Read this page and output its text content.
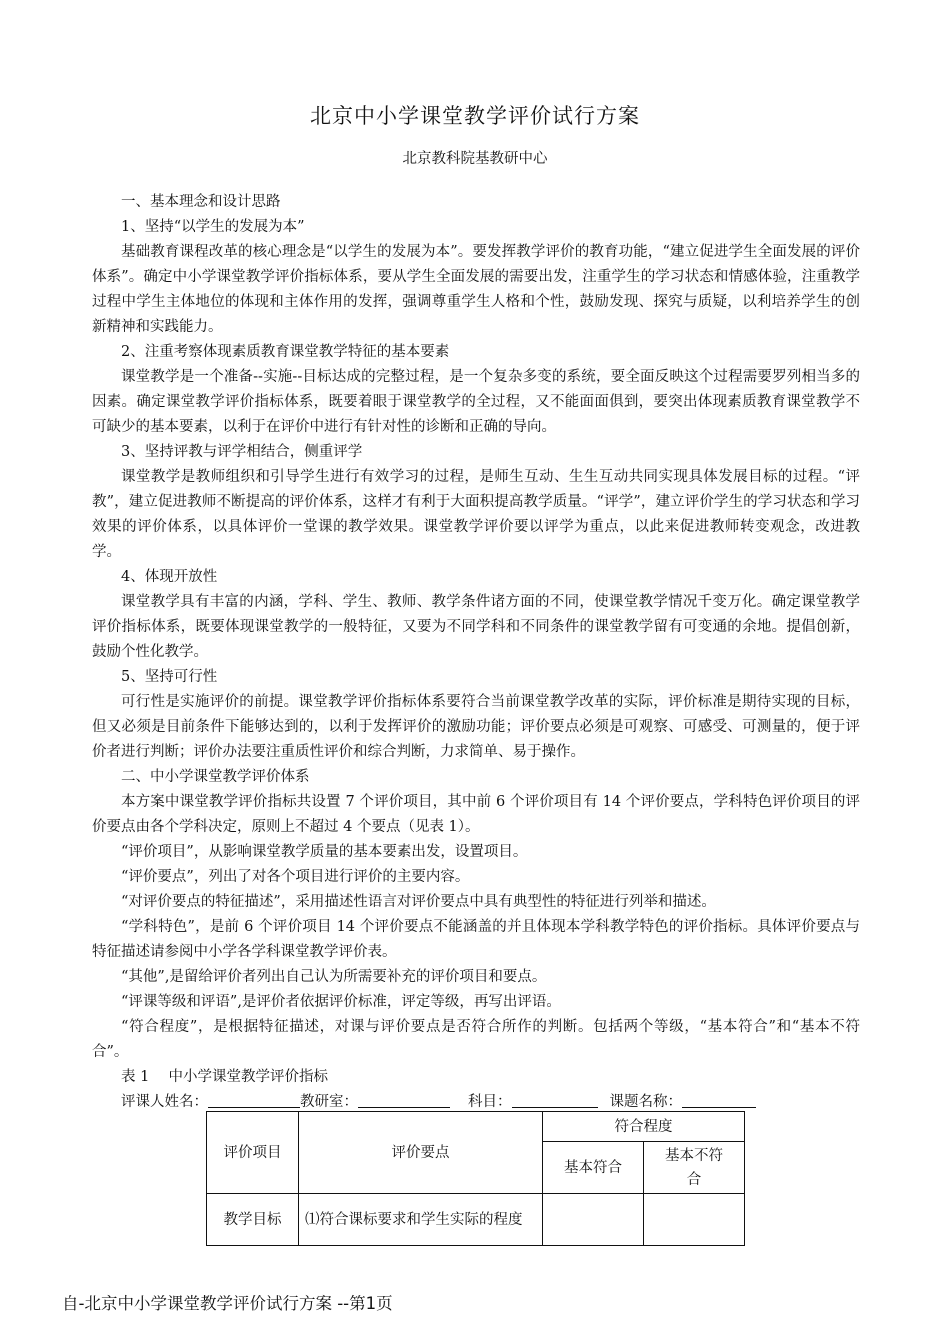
北京中小学课堂教学评价试行方案
北京教科院基教研中心

一、基本理念和设计思路

1、坚持“以学生的发展为本”

基础教育课程改革的核心理念是“以学生的发展为本”。要发挥教学评价的教育功能，“建立促进学生全面发展的评价体系”。确定中小学课堂教学评价指标体系，要从学生全面发展的需要出发，注重学生的学习状态和情感体验，注重教学过程中学生主体地位的体现和主体作用的发挥，强调尊重学生人格和个性，鼓励发现、探究与质疑，以利培养学生的创新精神和实践能力。

2、注重考察体现素质教育课堂教学特征的基本要素

课堂教学是一个准备--实施--目标达成的完整过程，是一个复杂多变的系统，要全面反映这个过程需要罗列相当多的因素。确定课堂教学评价指标体系，既要着眼于课堂教学的全过程，又不能面面俱到，要突出体现素质教育课堂教学不可缺少的基本要素，以利于在评价中进行有针对性的诊断和正确的导向。

3、坚持评教与评学相结合，侧重评学

课堂教学是教师组织和引导学生进行有效学习的过程，是师生互动、生生互动共同实现具体发展目标的过程。“评教”，建立促进教师不断提高的评价体系，这样才有利于大面积提高教学质量。“评学”，建立评价学生的学习状态和学习效果的评价体系，以具体评价一堂课的教学效果。课堂教学评价要以评学为重点，以此来促进教师转变观念，改进教学。

4、体现开放性

课堂教学具有丰富的内涵，学科、学生、教师、教学条件诸方面的不同，使课堂教学情况千变万化。确定课堂教学评价指标体系，既要体现课堂教学的一般特征，又要为不同学科和不同条件的课堂教学留有可变通的余地。提倡创新，鼓励个性化教学。

5、坚持可行性

可行性是实施评价的前提。课堂教学评价指标体系要符合当前课堂教学改革的实际，评价标准是期待实现的目标，但又必须是目前条件下能够达到的，以利于发挥评价的激励功能；评价要点必须是可观察、可感受、可测量的，便于评价者进行判断；评价办法要注重质性评价和综合判断，力求简单、易于操作。

二、中小学课堂教学评价体系

本方案中课堂教学评价指标共设置 7 个评价项目，其中前 6 个评价项目有 14 个评价要点，学科特色评价项目的评价要点由各个学科决定，原则上不超过 4 个要点（见表 1）。

“评价项目”，从影响课堂教学质量的基本要素出发，设置项目。

“评价要点”，列出了对各个项目进行评价的主要内容。

“对评价要点的特征描述”，采用描述性语言对评价要点中具有典型性的特征进行列举和描述。

“学科特色”，是前 6 个评价项目 14 个评价要点不能涵盖的并且体现本学科教学特色的评价指标。具体评价要点与特征描述请参阅中小学各学科课堂教学评价表。

“其他”,是留给评价者列出自己认为所需要补充的评价项目和要点。

“评课等级和评语”,是评价者依据评价标准，评定等级，再写出评语。

“符合程度”，是根据特征描述，对课与评价要点是否符合所作的判断。包括两个等级，“基本符合”和“基本不符合”。

表 1　 中小学课堂教学评价指标

评课人姓名：	教研室：	科目：	课题名称：

评价项目	评价要点	符合程度	
		基本符合	基本不符合
教学目标	⑴符合课标要求和学生实际的程度		
自-北京中小学课堂教学评价试行方案 --第1页
